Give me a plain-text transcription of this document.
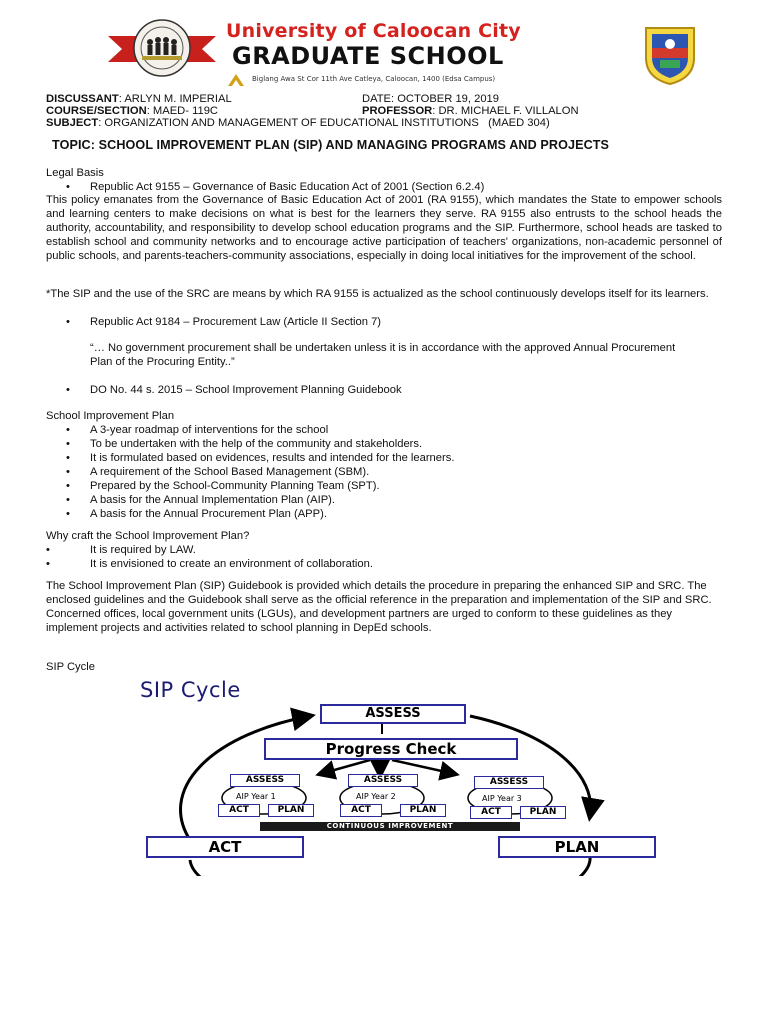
University of Caloocan City
GRADUATE SCHOOL
Biglang Awa St Cor 11th Ave Catleya, Caloocan, 1400 (Edsa Campus)
DISCUSSANT: ARLYN M. IMPERIAL	DATE: OCTOBER 19, 2019
COURSE/SECTION: MAED- 119C	PROFESSOR: DR. MICHAEL F. VILLALON
SUBJECT: ORGANIZATION AND MANAGEMENT OF EDUCATIONAL INSTITUTIONS   (MAED 304)
TOPIC: SCHOOL IMPROVEMENT PLAN (SIP) AND MANAGING PROGRAMS AND PROJECTS
Legal Basis
• Republic Act 9155 – Governance of Basic Education Act of 2001 (Section 6.2.4)
This policy emanates from the Governance of Basic Education Act of 2001 (RA 9155), which mandates the State to empower schools and learning centers to make decisions on what is best for the learners they serve. RA 9155 also entrusts to the school heads the authority, accountability, and responsibility to develop school education programs and the SIP. Furthermore, school heads are tasked to establish school and community networks and to encourage active participation of teachers' organizations, non-academic personnel of public schools, and parents-teachers-community associations, especially in doing local initiatives for the improvement of the school.
*The SIP and the use of the SRC are means by which RA 9155 is actualized as the school continuously develops itself for its learners.
• Republic Act 9184 – Procurement Law (Article II Section 7)
“… No government procurement shall be undertaken unless it is in accordance with the approved Annual Procurement Plan of the Procuring Entity..”
• DO No. 44 s. 2015 – School Improvement Planning Guidebook
School Improvement Plan
• A 3-year roadmap of interventions for the school
• To be undertaken with the help of the community and stakeholders.
• It is formulated based on evidences, results and intended for the learners.
• A requirement of the School Based Management (SBM).
• Prepared by the School-Community Planning Team (SPT).
• A basis for the Annual Implementation Plan (AIP).
• A basis for the Annual Procurement Plan (APP).
Why craft the School Improvement Plan?
•	It is required by LAW.
•	It is envisioned to create an environment of collaboration.
The School Improvement Plan (SIP) Guidebook is provided which details the procedure in preparing the enhanced SIP and SRC. The enclosed guidelines and the Guidebook shall serve as the official reference in the preparation and implementation of the SIP and SRC. Concerned offices, local government units (LGUs), and development partners are urged to conform to these guidelines as they implement projects and activities related to school planning in DepEd schools.
SIP Cycle
SIP Cycle
ASSESS
Progress Check
ASSESS
AIP Year 1
ACT	PLAN
ASSESS
AIP Year 2
ACT	PLAN
ASSESS
AIP Year 3
ACT	PLAN
CONTINUOUS IMPROVEMENT
ACT	PLAN
